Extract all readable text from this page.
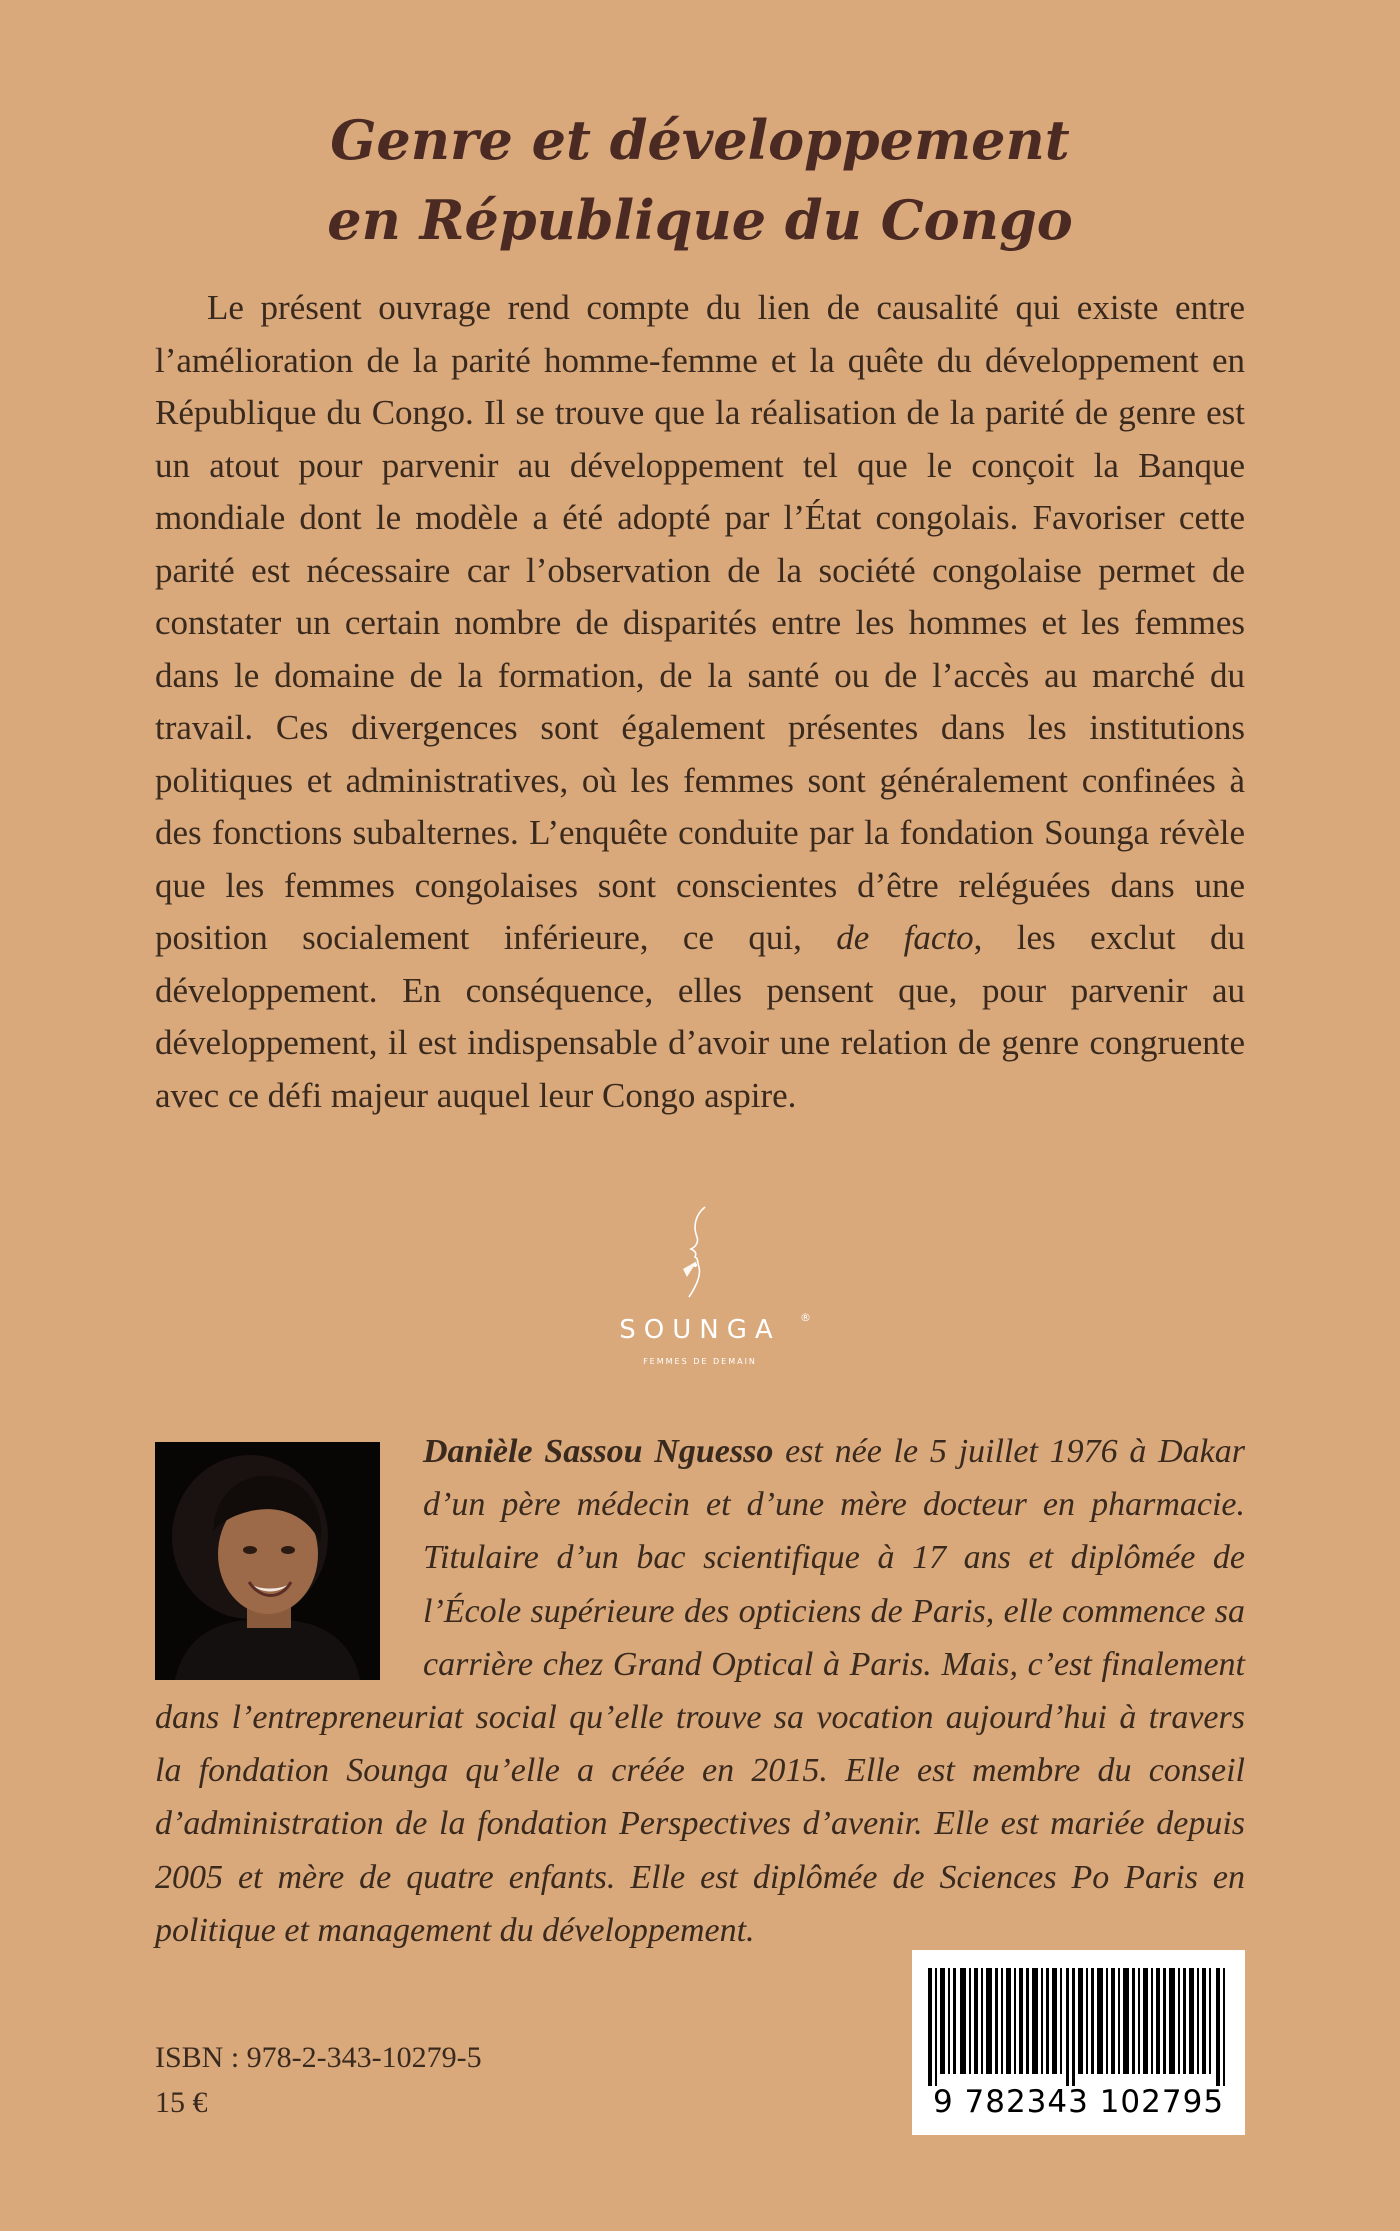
Genre et développement
en République du Congo

Le présent ouvrage rend compte du lien de causalité qui existe entre l’amélioration de la parité homme-femme et la quête du développement en République du Congo. Il se trouve que la réalisation de la parité de genre est un atout pour parvenir au développement tel que le conçoit la Banque mondiale dont le modèle a été adopté par l’État congolais. Favoriser cette parité est nécessaire car l’observation de la société congolaise permet de constater un certain nombre de disparités entre les hommes et les femmes dans le domaine de la formation, de la santé ou de l’accès au marché du travail. Ces divergences sont également présentes dans les institutions politiques et administratives, où les femmes sont généralement confinées à des fonctions subalternes. L’enquête conduite par la fondation Sounga révèle que les femmes congolaises sont conscientes d’être reléguées dans une position socialement inférieure, ce qui, de facto, les exclut du développement. En conséquence, elles pensent que, pour parvenir au développement, il est indispensable d’avoir une relation de genre congruente avec ce défi majeur auquel leur Congo aspire.

SOUNGA	®

FEMMES DE DEMAIN

Danièle Sassou Nguesso est née le 5 juillet 1976 à Dakar d’un père médecin et d’une mère docteur en pharmacie. Titulaire d’un bac scientifique à 17 ans et diplômée de l’École supérieure des opticiens de Paris, elle commence sa carrière chez Grand Optical à Paris. Mais, c’est finalement dans l’entrepreneuriat social qu’elle trouve sa vocation aujourd’hui à travers la fondation Sounga qu’elle a créée en 2015. Elle est membre du conseil d’administration de la fondation Perspectives d’avenir. Elle est mariée depuis 2005 et mère de quatre enfants. Elle est diplômée de Sciences Po Paris en politique et management du développement.

9 782343 102795

ISBN : 978-2-343-10279-5

15 €
